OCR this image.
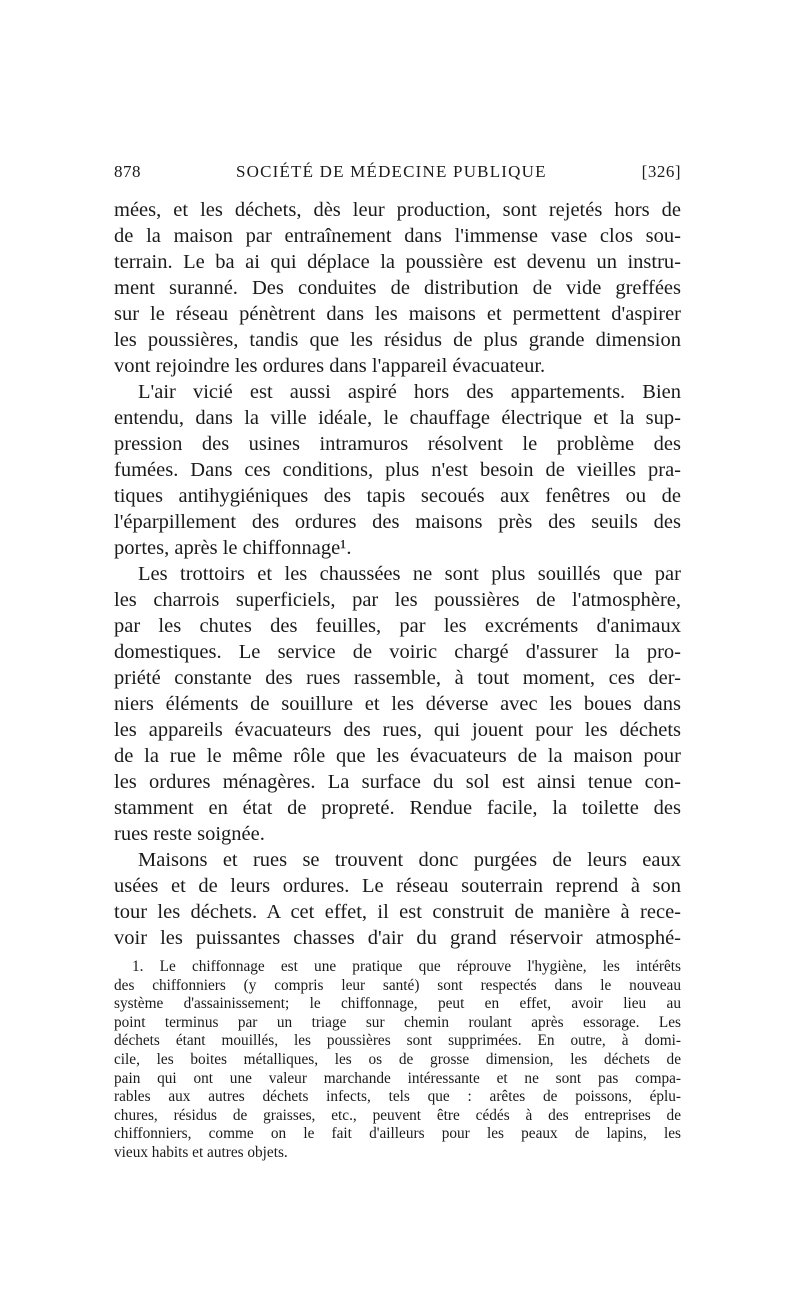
878	SOCIÉTÉ DE MÉDECINE PUBLIQUE	[326]
mées, et les déchets, dès leur production, sont rejetés hors de
de la maison par entraînement dans l'immense vase clos sou-
terrain. Le ba ai qui déplace la poussière est devenu un instru-
ment suranné. Des conduites de distribution de vide greffées
sur le réseau pénètrent dans les maisons et permettent d'aspirer
les poussières, tandis que les résidus de plus grande dimension
vont rejoindre les ordures dans l'appareil évacuateur.
L'air vicié est aussi aspiré hors des appartements. Bien
entendu, dans la ville idéale, le chauffage électrique et la sup-
pression des usines intramuros résolvent le problème des
fumées. Dans ces conditions, plus n'est besoin de vieilles pra-
tiques antihygiéniques des tapis secoués aux fenêtres ou de
l'éparpillement des ordures des maisons près des seuils des
portes, après le chiffonnage¹.
Les trottoirs et les chaussées ne sont plus souillés que par
les charrois superficiels, par les poussières de l'atmosphère,
par les chutes des feuilles, par les excréments d'animaux
domestiques. Le service de voiric chargé d'assurer la pro-
priété constante des rues rassemble, à tout moment, ces der-
niers éléments de souillure et les déverse avec les boues dans
les appareils évacuateurs des rues, qui jouent pour les déchets
de la rue le même rôle que les évacuateurs de la maison pour
les ordures ménagères. La surface du sol est ainsi tenue con-
stamment en état de propreté. Rendue facile, la toilette des
rues reste soignée.
Maisons et rues se trouvent donc purgées de leurs eaux
usées et de leurs ordures. Le réseau souterrain reprend à son
tour les déchets. A cet effet, il est construit de manière à rece-
voir les puissantes chasses d'air du grand réservoir atmosphé-
1. Le chiffonnage est une pratique que réprouve l'hygiène, les intérêts
des chiffonniers (y compris leur santé) sont respectés dans le nouveau
système d'assainissement; le chiffonnage, peut en effet, avoir lieu au
point terminus par un triage sur chemin roulant après essorage. Les
déchets étant mouillés, les poussières sont supprimées. En outre, à domi-
cile, les boites métalliques, les os de grosse dimension, les déchets de
pain qui ont une valeur marchande intéressante et ne sont pas compa-
rables aux autres déchets infects, tels que : arêtes de poissons, éplu-
chures, résidus de graisses, etc., peuvent être cédés à des entreprises de
chiffonniers, comme on le fait d'ailleurs pour les peaux de lapins, les
vieux habits et autres objets.
